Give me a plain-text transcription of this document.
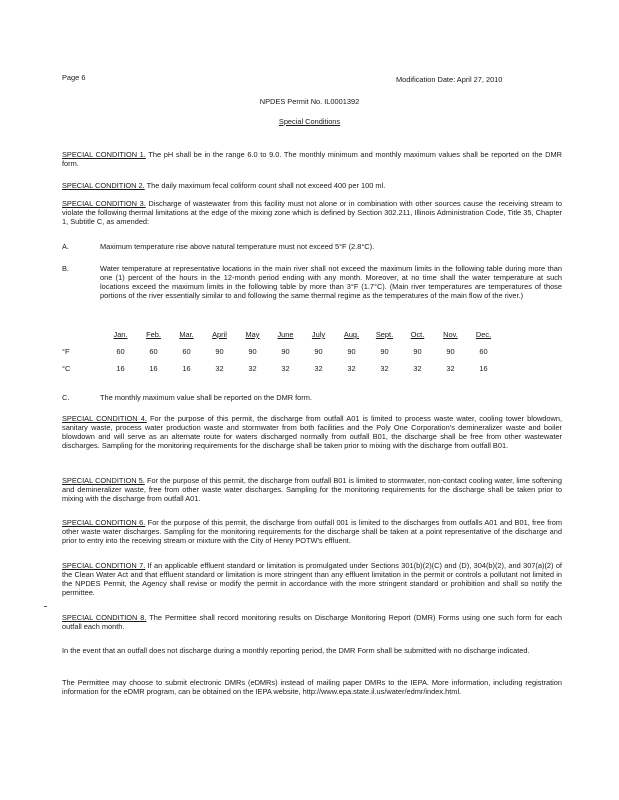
Page 6	Modification Date: April 27, 2010
NPDES Permit No. IL0001392
Special Conditions

SPECIAL CONDITION 1. The pH shall be in the range 6.0 to 9.0. The monthly minimum and monthly maximum values shall be reported on the DMR form.

SPECIAL CONDITION 2. The daily maximum fecal coliform count shall not exceed 400 per 100 ml.

SPECIAL CONDITION 3. Discharge of wastewater from this facility must not alone or in combination with other sources cause the receiving stream to violate the following thermal limitations at the edge of the mixing zone which is defined by Section 302.211, Illinois Administration Code, Title 35, Chapter 1, Subtitle C, as amended:

A.	Maximum temperature rise above natural temperature must not exceed 5°F (2.8°C).
B.	Water temperature at representative locations in the main river shall not exceed the maximum limits in the following table during more than one (1) percent of the hours in the 12-month period ending with any month. Moreover, at no time shall the water temperature at such locations exceed the maximum limits in the following table by more than 3°F (1.7°C). (Main river temperatures are temperatures of those portions of the river essentially similar to and following the same thermal regime as the temperatures of the main flow of the river.)
	Jan.	Feb.	Mar.	April	May	June	July	Aug.	Sept.	Oct.	Nov.	Dec.
°F	60	60	60	90	90	90	90	90	90	90	90	60
°C	16	16	16	32	32	32	32	32	32	32	32	16
C.	The monthly maximum value shall be reported on the DMR form.

SPECIAL CONDITION 4. For the purpose of this permit, the discharge from outfall A01 is limited to process waste water, cooling tower blowdown, sanitary waste, process water production waste and stormwater from both facilities and the Poly One Corporation's demineralizer waste and boiler blowdown and will serve as an alternate route for waters discharged normally from outfall B01, the discharge shall be free from other wastewater discharges. Sampling for the monitoring requirements for the discharge shall be taken prior to mixing with the discharge from outfall B01.

SPECIAL CONDITION 5. For the purpose of this permit, the discharge from outfall B01 is limited to stormwater, non-contact cooling water, lime softening and demineralizer waste, free from other waste water discharges. Sampling for the monitoring requirements for the discharge shall be taken prior to mixing with the discharge from outfall A01.

SPECIAL CONDITION 6. For the purpose of this permit, the discharge from outfall 001 is limited to the discharges from outfalls A01 and B01, free from other waste water discharges. Sampling for the monitoring requirements for the discharge shall be taken at a point representative of the discharge and prior to entry into the receiving stream or mixture with the City of Henry POTW's effluent.

SPECIAL CONDITION 7. If an applicable effluent standard or limitation is promulgated under Sections 301(b)(2)(C) and (D), 304(b)(2), and 307(a)(2) of the Clean Water Act and that effluent standard or limitation is more stringent than any effluent limitation in the permit or controls a pollutant not limited in the NPDES Permit, the Agency shall revise or modify the permit in accordance with the more stringent standard or prohibition and shall so notify the permittee.

SPECIAL CONDITION 8. The Permittee shall record monitoring results on Discharge Monitoring Report (DMR) Forms using one such form for each outfall each month.

In the event that an outfall does not discharge during a monthly reporting period, the DMR Form shall be submitted with no discharge indicated.

The Permittee may choose to submit electronic DMRs (eDMRs) instead of mailing paper DMRs to the IEPA. More information, including registration information for the eDMR program, can be obtained on the IEPA website, http://www.epa.state.il.us/water/edmr/index.html.
